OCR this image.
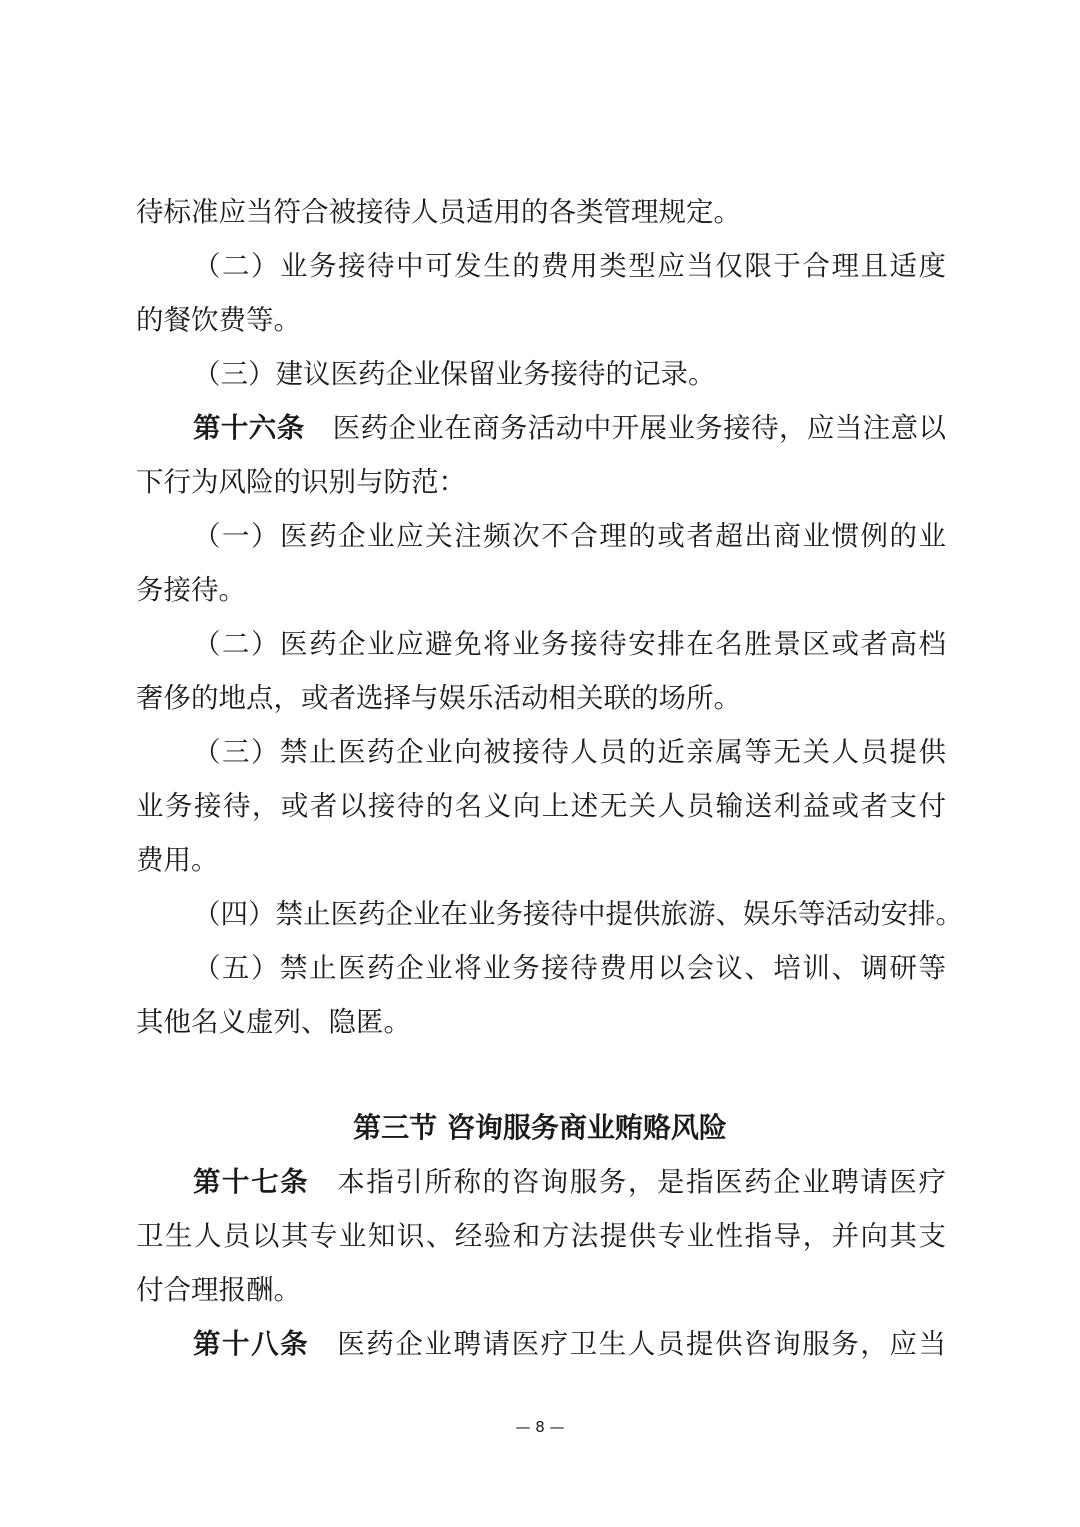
待标准应当符合被接待人员适用的各类管理规定。
（二）业务接待中可发生的费用类型应当仅限于合理且适度
的餐饮费等。
（三）建议医药企业保留业务接待的记录。
第十六条 医药企业在商务活动中开展业务接待，应当注意以
下行为风险的识别与防范：
（一）医药企业应关注频次不合理的或者超出商业惯例的业
务接待。
（二）医药企业应避免将业务接待安排在名胜景区或者高档
奢侈的地点，或者选择与娱乐活动相关联的场所。
（三）禁止医药企业向被接待人员的近亲属等无关人员提供
业务接待，或者以接待的名义向上述无关人员输送利益或者支付
费用。
（四）禁止医药企业在业务接待中提供旅游、娱乐等活动安排。
（五）禁止医药企业将业务接待费用以会议、培训、调研等
其他名义虚列、隐匿。
第三节 咨询服务商业贿赂风险
第十七条 本指引所称的咨询服务，是指医药企业聘请医疗
卫生人员以其专业知识、经验和方法提供专业性指导，并向其支
付合理报酬。
第十八条 医药企业聘请医疗卫生人员提供咨询服务，应当
— 8 —
